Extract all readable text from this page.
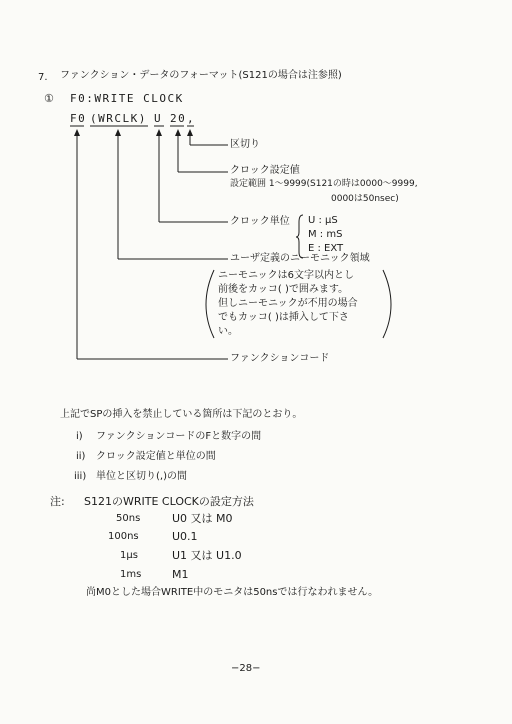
7. ファンクション・データのフォーマット(S121の場合は注参照)
① F0:WRITE CLOCK
F0 (WRCLK) U 20 ,
区切り
クロック設定値
設定範囲 1〜9999(S121の時は0000〜9999,
0000は50nsec)
クロック単位 U : μS
M : mS
E : EXT
ユーザ定義のニーモニック領域
ニーモニックは6文字以内とし
前後をカッコ( )で囲みます。
但しニーモニックが不用の場合
でもカッコ( )は挿入して下さ
い。
ファンクションコード
上記でSPの挿入を禁止している箇所は下記のとおり。
i) ファンクションコードのFと数字の間
ii) クロック設定値と単位の間
iii) 単位と区切り(,)の間
注: S121のWRITE CLOCKの設定方法
50ns	U0 又は M0
100ns	U0.1
1μs	U1 又は U1.0
1ms	M1
尚M0とした場合WRITE中のモニタは50nsでは行なわれません。
−28−
